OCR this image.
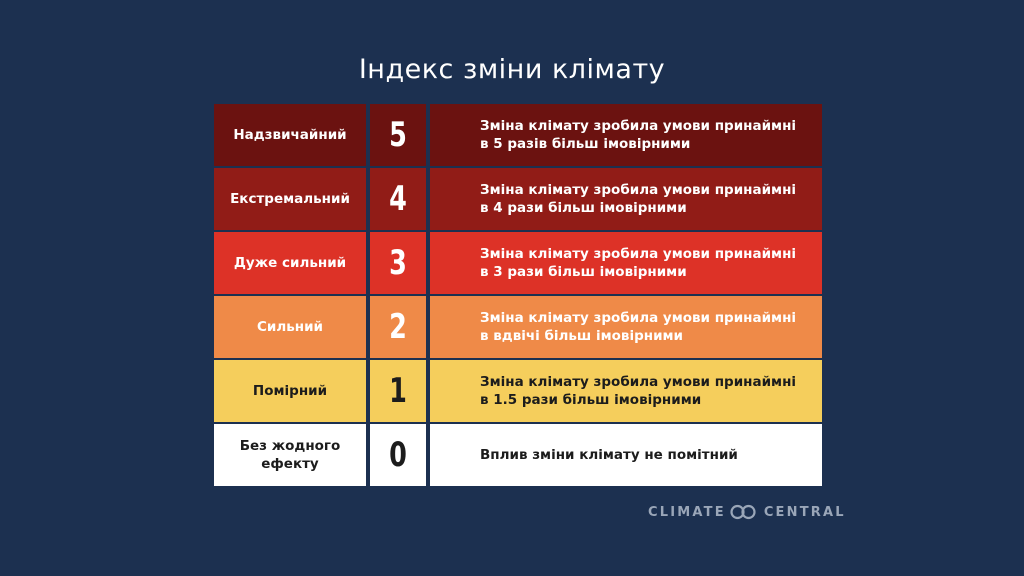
Індекс зміни клімату
Надзвичайний	5	Зміна клімату зробила умови принаймні
в 5 разів більш імовірними
Екстремальний	4	Зміна клімату зробила умови принаймні
в 4 рази більш імовірними
Дуже сильний	3	Зміна клімату зробила умови принаймні
в 3 рази більш імовірними
Сильний	2	Зміна клімату зробила умови принаймні
в вдвічі більш імовірними
Помірний	1	Зміна клімату зробила умови принаймні
в 1.5 рази більш імовірними
Без жодного
ефекту	0	Вплив зміни клімату не помітний
CLIMATE	CENTRAL
